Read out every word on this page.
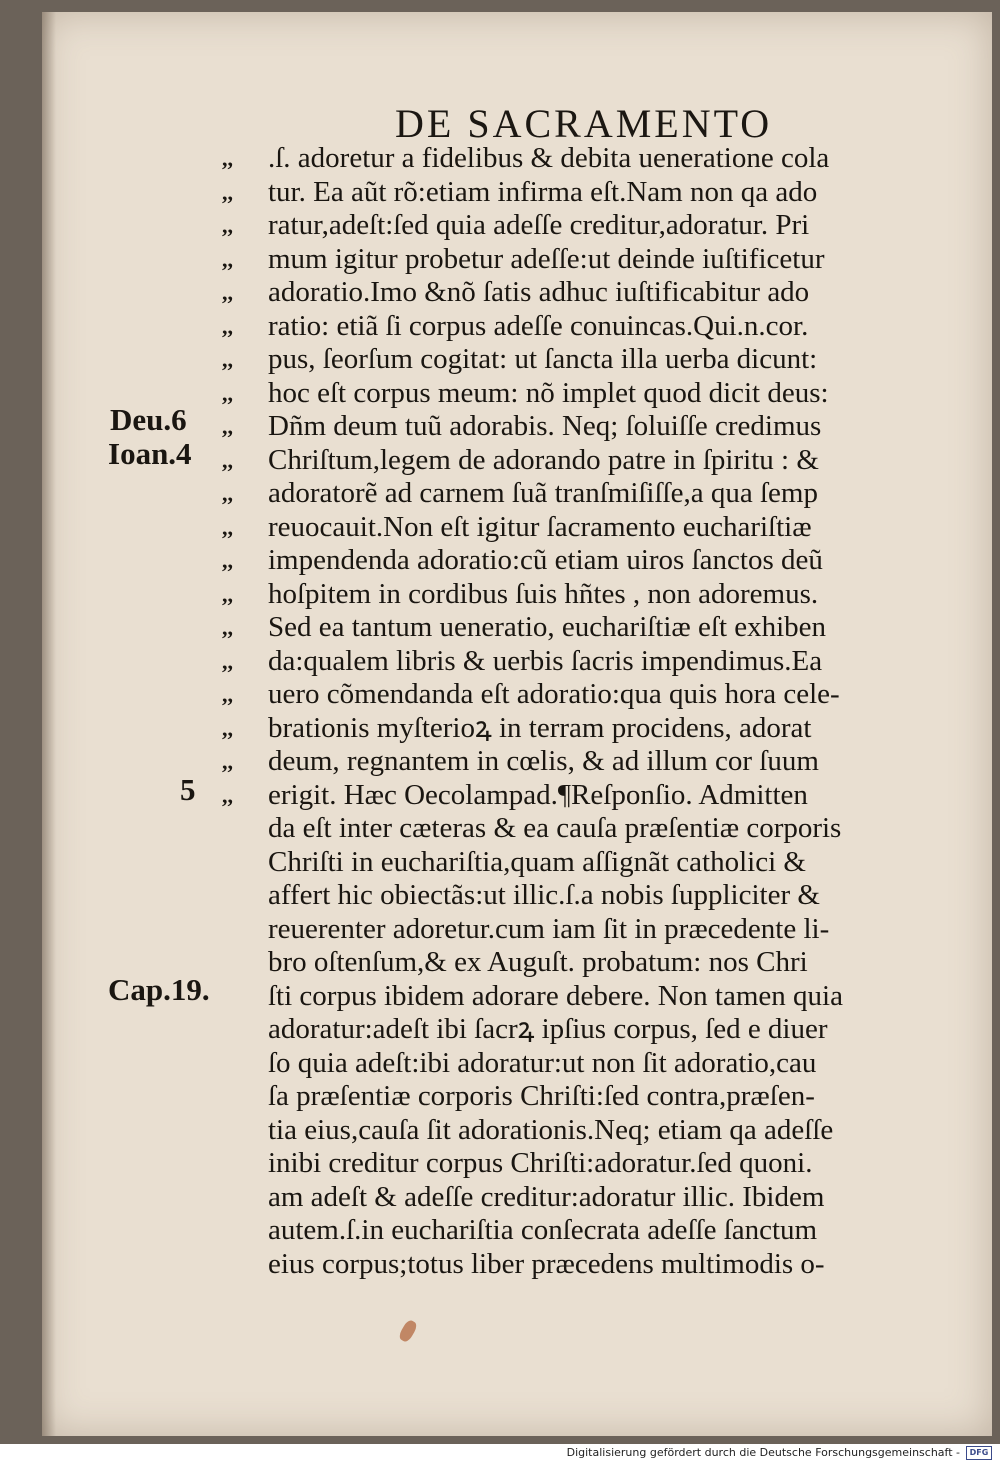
DE SACRAMENTO
,,
,,
,,
,,
,,
,,
,,
,,
,,
,,
,,
,,
,,
,,
,,
,,
,,
,,
,,
,,
Deu.6
Ioan.4
5
Cap.19.
.ſ. adoretur a fidelibus & debita ueneratione cola
tur. Ea aũt rõ:etiam infirma eſt.Nam non qa ado
ratur,adeſt:ſed quia adeſſe creditur,adoratur. Pri
mum igitur probetur adeſſe:ut deinde iuſtificetur
adoratio.Imo &nõ ſatis adhuc iuſtificabitur ado
ratio: etiã ſi corpus adeſſe conuincas.Qui.n.cor.
pus, ſeorſum cogitat: ut ſancta illa uerba dicunt:
hoc eſt corpus meum: nõ implet quod dicit deus:
Dñm deum tuũ adorabis. Neq; ſoluiſſe credimus
Chriſtum,legem de adorando patre in ſpiritu : &
adoratorẽ ad carnem ſuã tranſmiſiſſe,a qua ſemp
reuocauit.Non eſt igitur ſacramento euchariſtiæ
impendenda adoratio:cũ etiam uiros ſanctos deũ
hoſpitem in cordibus ſuis hñtes , non adoremus.
Sed ea tantum ueneratio, euchariſtiæ eſt exhiben
da:qualem libris & uerbis ſacris impendimus.Ea
uero cõmendanda eſt adoratio:qua quis hora cele-
brationis myſterioꝝ in terram procidens, adorat
deum, regnantem in cœlis, & ad illum cor ſuum
erigit. Hæc Oecolampad.¶Reſponſio. Admitten
da eſt inter cæteras & ea cauſa præſentiæ corporis
Chriſti in euchariſtia,quam aſſignãt catholici &
affert hic obiectãs:ut illic.ſ.a nobis ſuppliciter &
reuerenter adoretur.cum iam ſit in præcedente li-
bro oſtenſum,& ex Auguſt. probatum: nos Chri
ſti corpus ibidem adorare debere. Non tamen quia
adoratur:adeſt ibi ſacrꝝ ipſius corpus, ſed e diuer
ſo quia adeſt:ibi adoratur:ut non ſit adoratio,cau
ſa præſentiæ corporis Chriſti:ſed contra,præſen-
tia eius,cauſa ſit adorationis.Neq; etiam qa adeſſe
inibi creditur corpus Chriſti:adoratur.ſed quoni.
am adeſt & adeſſe creditur:adoratur illic. Ibidem
autem.ſ.in euchariſtia conſecrata adeſſe ſanctum
eius corpus;totus liber præcedens multimodis o-
Digitalisierung gefördert durch die Deutsche Forschungsgemeinschaft -	DFG
